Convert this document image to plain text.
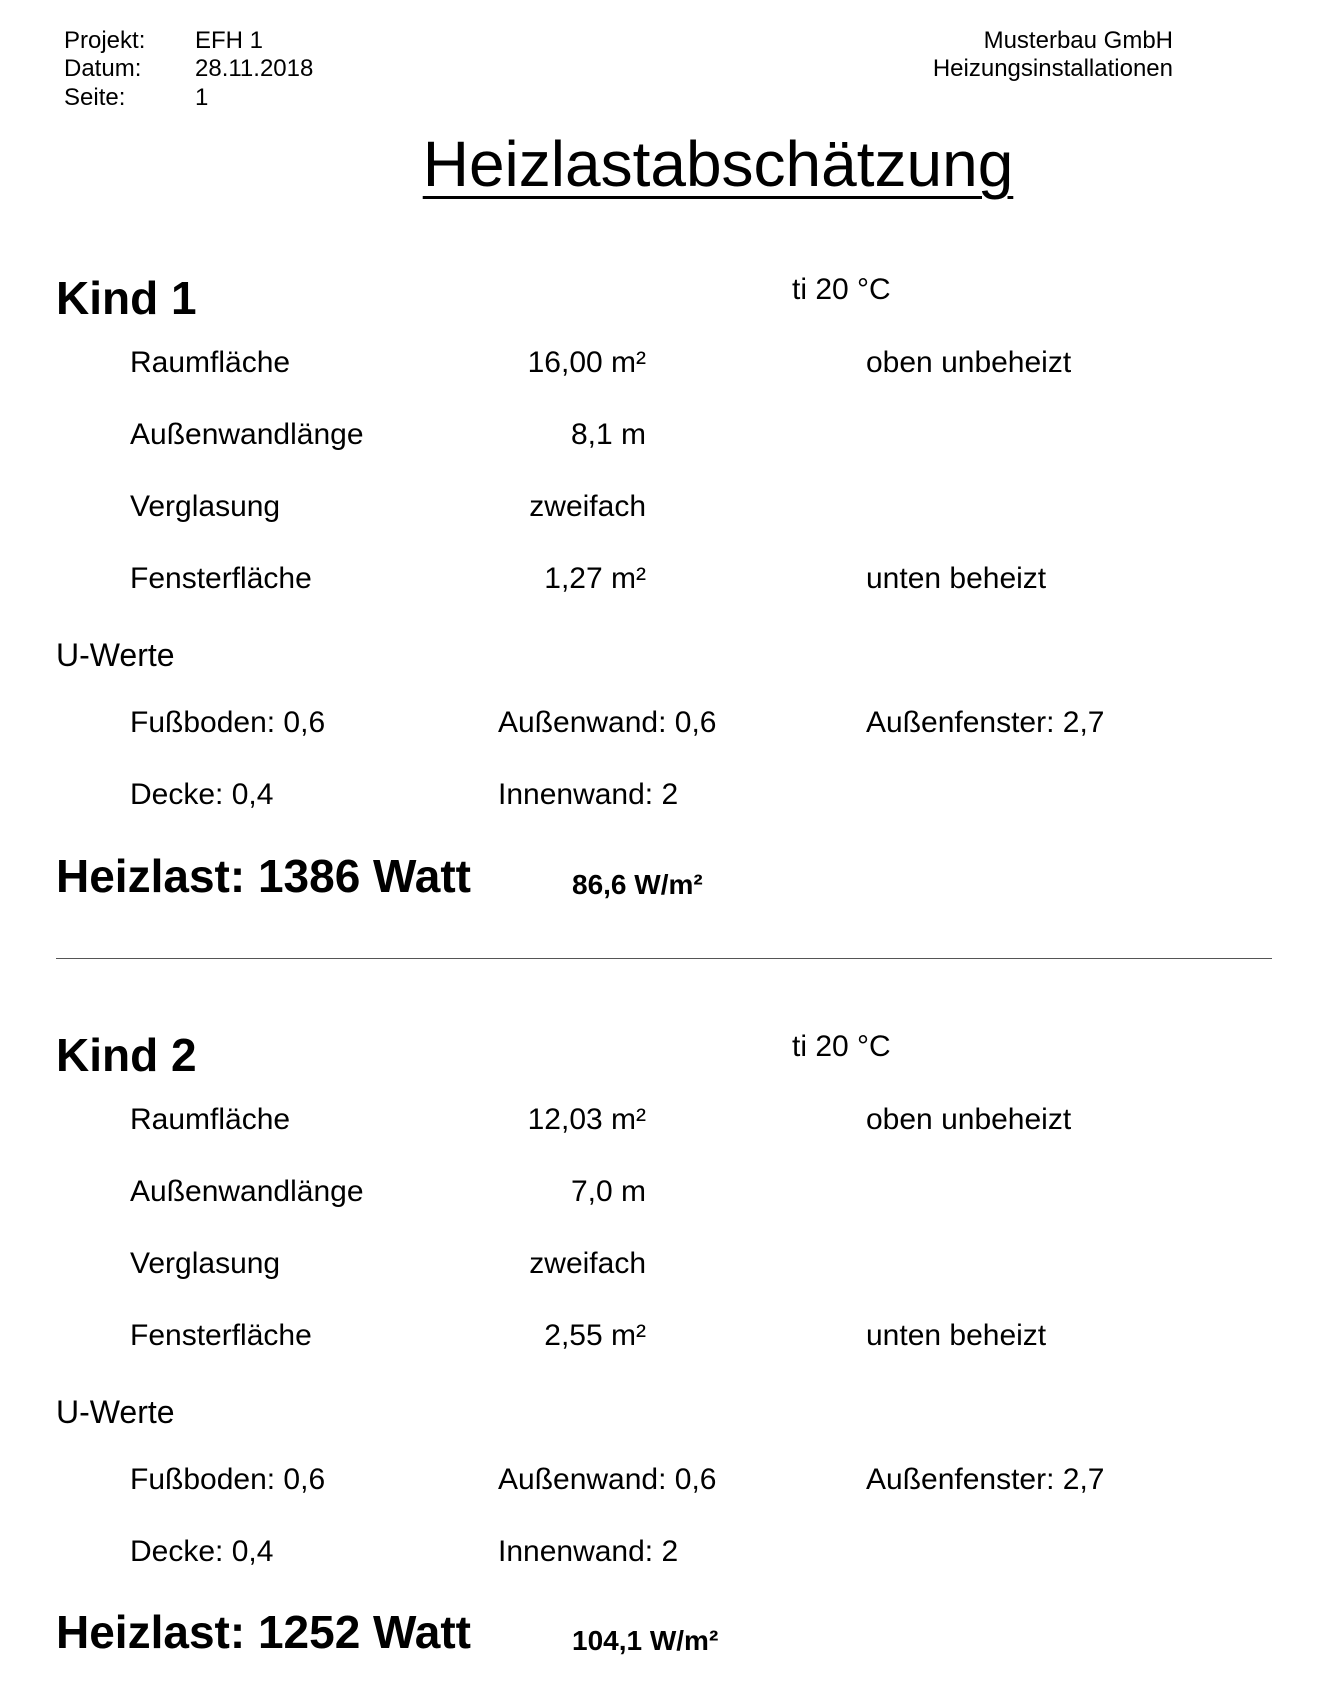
Projekt: EFH 1
Datum: 28.11.2018
Seite:	1
Musterbau GmbH
Heizungsinstallationen
Heizlastabschätzung
Kind 1	ti 20 °C
Raumfläche	16,00 m²	oben unbeheizt
Außenwandlänge	8,1 m
Verglasung	zweifach
Fensterfläche	1,27 m²	unten beheizt
U-Werte
Fußboden: 0,6	Außenwand: 0,6	Außenfenster: 2,7
Decke: 0,4	Innenwand: 2
Heizlast: 1386 Watt	86,6 W/m²
Kind 2	ti 20 °C
Raumfläche	12,03 m²	oben unbeheizt
Außenwandlänge	7,0 m
Verglasung	zweifach
Fensterfläche	2,55 m²	unten beheizt
U-Werte
Fußboden: 0,6	Außenwand: 0,6	Außenfenster: 2,7
Decke: 0,4	Innenwand: 2
Heizlast: 1252 Watt	104,1 W/m²
